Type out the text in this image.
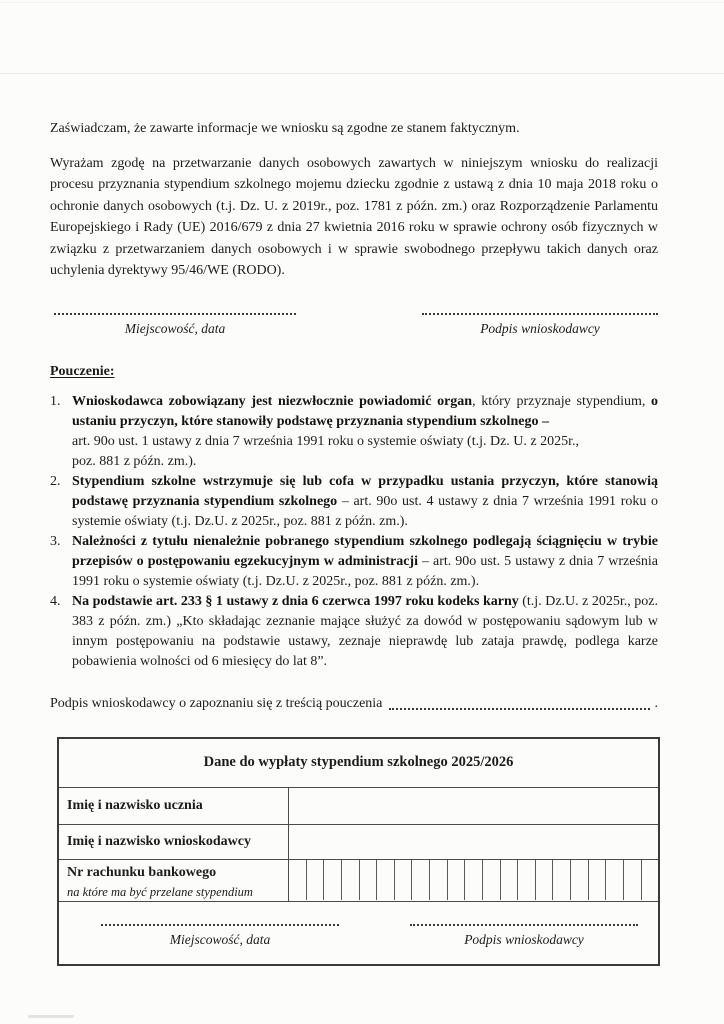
Zaświadczam, że zawarte informacje we wniosku są zgodne ze stanem faktycznym.

Wyrażam zgodę na przetwarzanie danych osobowych zawartych w niniejszym wniosku do realizacji procesu przyznania stypendium szkolnego mojemu dziecku zgodnie z ustawą z dnia 10 maja 2018 roku o ochronie danych osobowych (t.j. Dz. U. z 2019r., poz. 1781 z późn. zm.) oraz Rozporządzenie Parlamentu Europejskiego i Rady (UE) 2016/679 z dnia 27 kwietnia 2016 roku w sprawie ochrony osób fizycznych w związku z przetwarzaniem danych osobowych i w sprawie swobodnego przepływu takich danych oraz uchylenia dyrektywy 95/46/WE (RODO).

Miejscowość, data	Podpis wnioskodawcy
Pouczenie:
1. Wnioskodawca zobowiązany jest niezwłocznie powiadomić organ, który przyznaje stypendium, o ustaniu przyczyn, które stanowiły podstawę przyznania stypendium szkolnego –
art. 90o ust. 1 ustawy z dnia 7 września 1991 roku o systemie oświaty (t.j. Dz. U. z 2025r.,
poz. 881 z późn. zm.).
2. Stypendium szkolne wstrzymuje się lub cofa w przypadku ustania przyczyn, które stanowią podstawę przyznania stypendium szkolnego – art. 90o ust. 4 ustawy z dnia 7 września 1991 roku o systemie oświaty (t.j. Dz.U. z 2025r., poz. 881 z późn. zm.).
3. Należności z tytułu nienależnie pobranego stypendium szkolnego podlegają ściągnięciu w trybie przepisów o postępowaniu egzekucyjnym w administracji – art. 90o ust. 5 ustawy z dnia 7 września 1991 roku o systemie oświaty (t.j. Dz.U. z 2025r., poz. 881 z późn. zm.).
4. Na podstawie art. 233 § 1 ustawy z dnia 6 czerwca 1997 roku kodeks karny (t.j. Dz.U. z 2025r., poz. 383 z późn. zm.) „Kto składając zeznanie mające służyć za dowód w postępowaniu sądowym lub w innym postępowaniu na podstawie ustawy, zeznaje nieprawdę lub zataja prawdę, podlega karze pobawienia wolności od 6 miesięcy do lat 8”.
Podpis wnioskodawcy o zapoznaniu się z treścią pouczenia	.
Dane do wypłaty stypendium szkolnego 2025/2026	
Imię i nazwisko ucznia	
Imię i nazwisko wnioskodawcy	
Nr rachunku bankowego
na które ma być przelane stypendium	

Miejscowość, data Podpis wnioskodawcy	
